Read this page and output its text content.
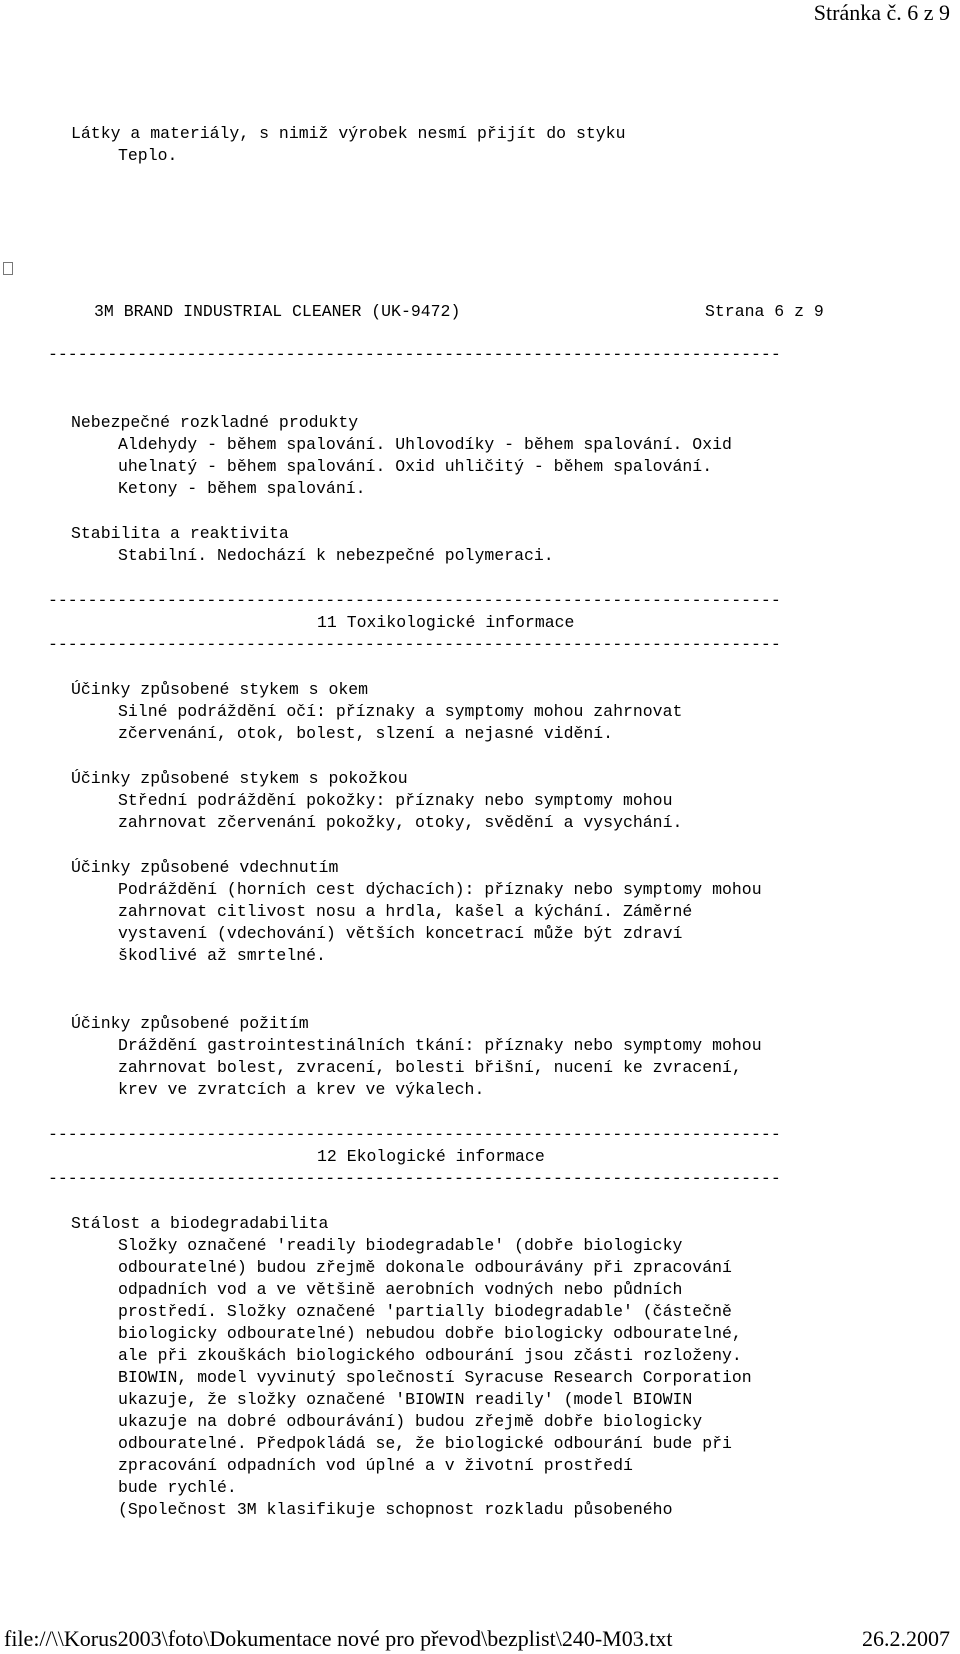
Stránka č. 6 z 9
Látky a materiály, s nimiž výrobek nesmí přijít do styku
Teplo.
3M BRAND INDUSTRIAL CLEANER (UK-9472)	Strana 6 z 9
--------------------------------------------------------------------------
Nebezpečné rozkladné produkty
Aldehydy - během spalování. Uhlovodíky - během spalování. Oxid
uhelnatý - během spalování. Oxid uhličitý - během spalování.
Ketony - během spalování.
Stabilita a reaktivita
Stabilní. Nedochází k nebezpečné polymeraci.
--------------------------------------------------------------------------
11 Toxikologické informace
--------------------------------------------------------------------------
Účinky způsobené stykem s okem
Silné podráždění očí: příznaky a symptomy mohou zahrnovat
zčervenání, otok, bolest, slzení a nejasné vidění.
Účinky způsobené stykem s pokožkou
Střední podráždění pokožky: příznaky nebo symptomy mohou
zahrnovat zčervenání pokožky, otoky, svědění a vysychání.
Účinky způsobené vdechnutím
Podráždění (horních cest dýchacích): příznaky nebo symptomy mohou
zahrnovat citlivost nosu a hrdla, kašel a kýchání. Záměrné
vystavení (vdechování) větších koncetrací může být zdraví
škodlivé až smrtelné.
Účinky způsobené požitím
Dráždění gastrointestinálních tkání: příznaky nebo symptomy mohou
zahrnovat bolest, zvracení, bolesti břišní, nucení ke zvracení,
krev ve zvratcích a krev ve výkalech.
--------------------------------------------------------------------------
12 Ekologické informace
--------------------------------------------------------------------------
Stálost a biodegradabilita
Složky označené 'readily biodegradable' (dobře biologicky
odbouratelné) budou zřejmě dokonale odbourávány při zpracování
odpadních vod a ve většině aerobních vodných nebo půdních
prostředí. Složky označené 'partially biodegradable' (částečně
biologicky odbouratelné) nebudou dobře biologicky odbouratelné,
ale při zkouškách biologického odbourání jsou zčásti rozloženy.
BIOWIN, model vyvinutý společností Syracuse Research Corporation
ukazuje, že složky označené 'BIOWIN readily' (model BIOWIN
ukazuje na dobré odbourávání) budou zřejmě dobře biologicky
odbouratelné. Předpokládá se, že biologické odbourání bude při
zpracování odpadních vod úplné a v životní prostředí
bude rychlé.
(Společnost 3M klasifikuje schopnost rozkladu působeného
file://\\Korus2003\foto\Dokumentace nové pro převod\bezplist\240-M03.txt	26.2.2007
